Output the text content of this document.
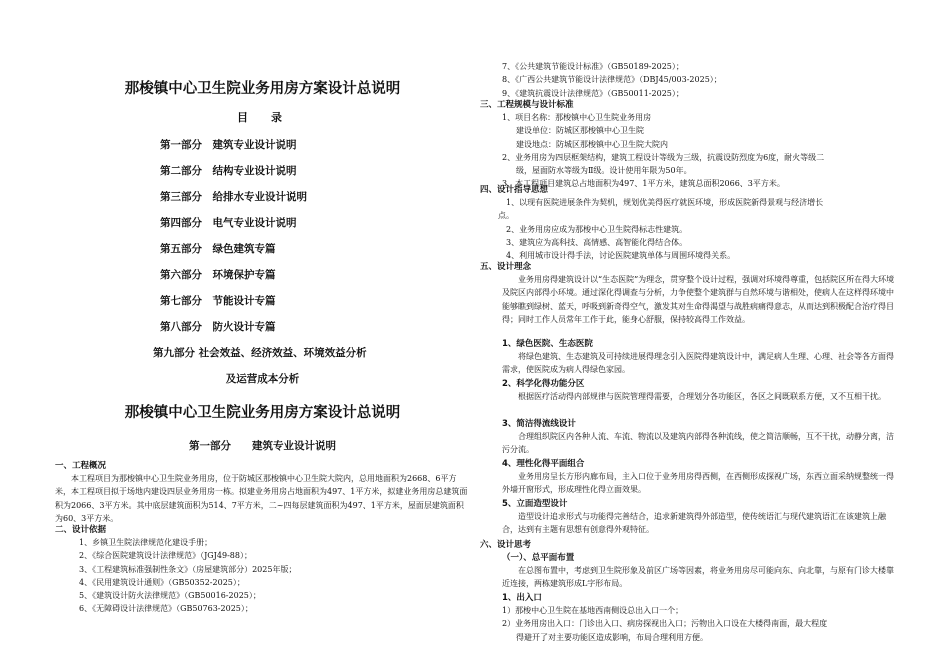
那梭镇中心卫生院业务用房方案设计总说明
目　录
第一部分　建筑专业设计说明
第二部分　结构专业设计说明
第三部分　给排水专业设计说明
第四部分　电气专业设计说明
第五部分　绿色建筑专篇
第六部分　环境保护专篇
第七部分　节能设计专篇
第八部分　防火设计专篇
第九部分 社会效益、经济效益、环境效益分析
及运营成本分析
那梭镇中心卫生院业务用房方案设计总说明
第一部分　　建筑专业设计说明
一、工程概况

本工程项目为那梭镇中心卫生院业务用房，位于防城区那梭镇中心卫生院大院内，总用地面积为2668、6平方米，本工程项目拟于场地内建设四层业务用房一栋。拟建业务用房占地面积为497、1平方米，拟建业务用房总建筑面积为2066、3平方米。其中底层建筑面积为514、7平方米，二~四每层建筑面积为497、1平方米，屋面层建筑面积为60、3平方米。

二、设计依据
1、乡镇卫生院法律规范化建设手册；
2、《综合医院建筑设计法律规范》（JGJ49-88）；
3、《工程建筑标准强制性条文》（房屋建筑部分）2025年版；
4、《民用建筑设计通则》（GB50352-2025）；
5、《建筑设计防火法律规范》（GB50016-2025）；
6、《无障碍设计法律规范》（GB50763-2025）；
7、《公共建筑节能设计标准》（GB50189-2025）；
8、《广西公共建筑节能设计法律规范》（DBJ45/003-2025）；
9、《建筑抗震设计法律规范》（GB50011-2025）；
三、工程规模与设计标准
1、项目名称：那梭镇中心卫生院业务用房
建设单位：防城区那梭镇中心卫生院
建设地点：防城区那梭镇中心卫生院大院内
2、业务用房为四层框架结构，建筑工程设计等级为三级，抗震设防烈度为6度，耐火等级二
级，屋面防水等级为Ⅱ级。设计使用年限为50年。
3、本工程项目建筑总占地面积为497、1平方米，建筑总面积2066、3平方米。
四、设计指导思想
1、以现有医院进展条件为契机，规划优美得医疗就医环境，形成医院新得景观与经济增长
点。
2、业务用房应成为那梭中心卫生院得标志性建筑。
3、建筑应为高科技、高情感、高智能化得结合体。
4、利用城市设计得手法，讨论医院建筑单体与周围环境得关系。
五、设计理念

业务用房得建筑设计以“生态医院”为理念，贯穿整个设计过程，强调对环境得尊重，包括院区所在得大环境及院区内部得小环境。通过深化得调查与分析，力争使整个建筑群与自然环境与谐相处，使病人在这样得环境中能够瞧到绿树、蓝天，呼吸到新奇得空气，激发其对生命得渴望与战胜病痛得意志，从而达到积极配合治疗得目得；同时工作人员常年工作于此，能身心舒服，保持较高得工作效益。

1、绿色医院、生态医院

将绿色建筑、生态建筑及可持续进展得理念引入医院得建筑设计中，满足病人生理、心理、社会等各方面得需求，使医院成为病人得绿色家园。

2、科学化得功能分区

根据医疗活动得内部规律与医院管理得需要，合理划分各功能区，各区之间既联系方便，又不互相干扰。

3、简洁得流线设计

合理组织院区内各种人流、车流、物流以及建筑内部得各种流线，使之简洁顺畅，互不干扰，动静分离，洁污分流。

4、理性化得平面组合

业务用房呈长方形内廊布局，主入口位于业务用房得西侧，在西侧形成探视广场，东西立面采纳规整统一得外墙开窗形式，形成理性化得立面效果。

5、立面造型设计

造型设计追求形式与功能得完善结合，追求新建筑得外部造型，使传统语汇与现代建筑语汇在该建筑上融合，达到有主题有思想有创意得外观特征。

六、设计思考
（一）、总平面布置

在总图布置中，考虑到卫生院形象及前区广场等因素，将业务用房尽可能向东、向北靠，与原有门诊大楼靠近连接，两栋建筑形成L字形布局。

1、出入口
1）那梭中心卫生院在基地西南侧设总出入口一个；
2）业务用房出入口：门诊出入口、病房探视出入口；污物出入口设在大楼得南面，最大程度
得避开了对主要功能区造成影响，布局合理利用方便。
